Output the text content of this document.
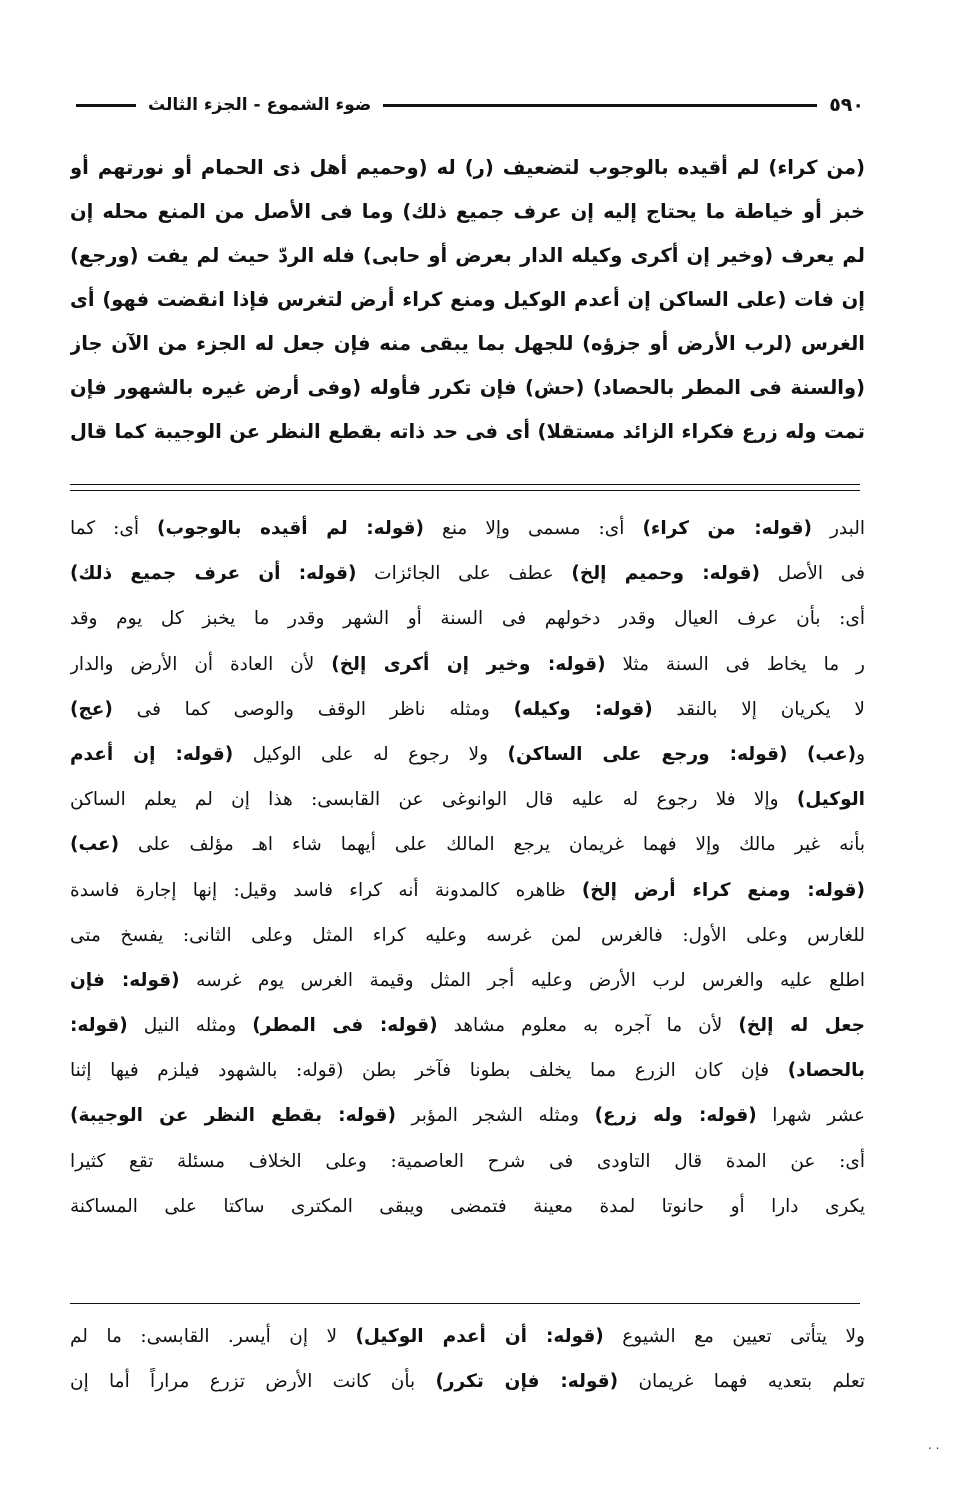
٥٩٠
ضوء الشموع - الجزء الثالث
(من كراء) لم أقيده بالوجوب لتضعيف (ر) له (وحميم أهل ذى الحمام أو نورتهم أو
خبز أو خياطة ما يحتاج إليه إن عرف جميع ذلك) وما فى الأصل من المنع محله إن
لم يعرف (وخير إن أكرى وكيله الدار بعرض أو حابى) فله الردّ حيث لم يفت (ورجع)
إن فات (على الساكن إن أعدم الوكيل ومنع كراء أرض لتغرس فإذا انقضت فهو) أى
الغرس (لرب الأرض أو جزؤه) للجهل بما يبقى منه فإن جعل له الجزء من الآن جاز
(والسنة فى المطر بالحصاد) (حش) فإن تكرر فأوله (وفى أرض غيره بالشهور فإن
تمت وله زرع فكراء الزائد مستقلا) أى فى حد ذاته بقطع النظر عن الوجيبة كما قال
البدر (قوله: من كراء) أى: مسمى وإلا منع (قوله: لم أقيده بالوجوب) أى: كما
فى الأصل (قوله: وحميم إلخ) عطف على الجائزات (قوله: أن عرف جميع ذلك)
أى: بأن عرف العيال وقدر دخولهم فى السنة أو الشهر وقدر ما يخبز كل يوم وقد
ر ما يخاط فى السنة مثلا (قوله: وخير إن أكرى إلخ) لأن العادة أن الأرض والدار
لا يكريان إلا بالنقد (قوله: وكيله) ومثله ناظر الوقف والوصى كما فى (عج)
و(عب) (قوله: ورجع على الساكن) ولا رجوع له على الوكيل (قوله: إن أعدم
الوكيل) وإلا فلا رجوع له عليه قال الوانوغى عن القابسى: هذا إن لم يعلم الساكن
بأنه غير مالك وإلا فهما غريمان يرجع المالك على أيهما شاء اهـ مؤلف على (عب)
(قوله: ومنع كراء أرض إلخ) ظاهره كالمدونة أنه كراء فاسد وقيل: إنها إجارة فاسدة
للغارس وعلى الأول: فالغرس لمن غرسه وعليه كراء المثل وعلى الثانى: يفسخ متى
اطلع عليه والغرس لرب الأرض وعليه أجر المثل وقيمة الغرس يوم غرسه (قوله: فإن
جعل له إلخ) لأن ما آجره به معلوم مشاهد (قوله: فى المطر) ومثله النيل (قوله:
بالحصاد) فإن كان الزرع مما يخلف بطونا فآخر بطن (قوله: بالشهود فيلزم فيها إثنا
عشر شهرا (قوله: وله زرع) ومثله الشجر المؤبر (قوله: بقطع النظر عن الوجيبة)
أى: عن المدة قال التاودى فى شرح العاصمية: وعلى الخلاف مسئلة تقع كثيرا
يكرى دارا أو حانوتا لمدة معينة فتمضى ويبقى المكترى ساكتا على المساكنة
ولا يتأتى تعيين مع الشيوع (قوله: أن أعدم الوكيل) لا إن أيسر. القابسى: ما لم
تعلم بتعديه فهما غريمان (قوله: فإن تكرر) بأن كانت الأرض تزرع مراراً أما إن
. .
